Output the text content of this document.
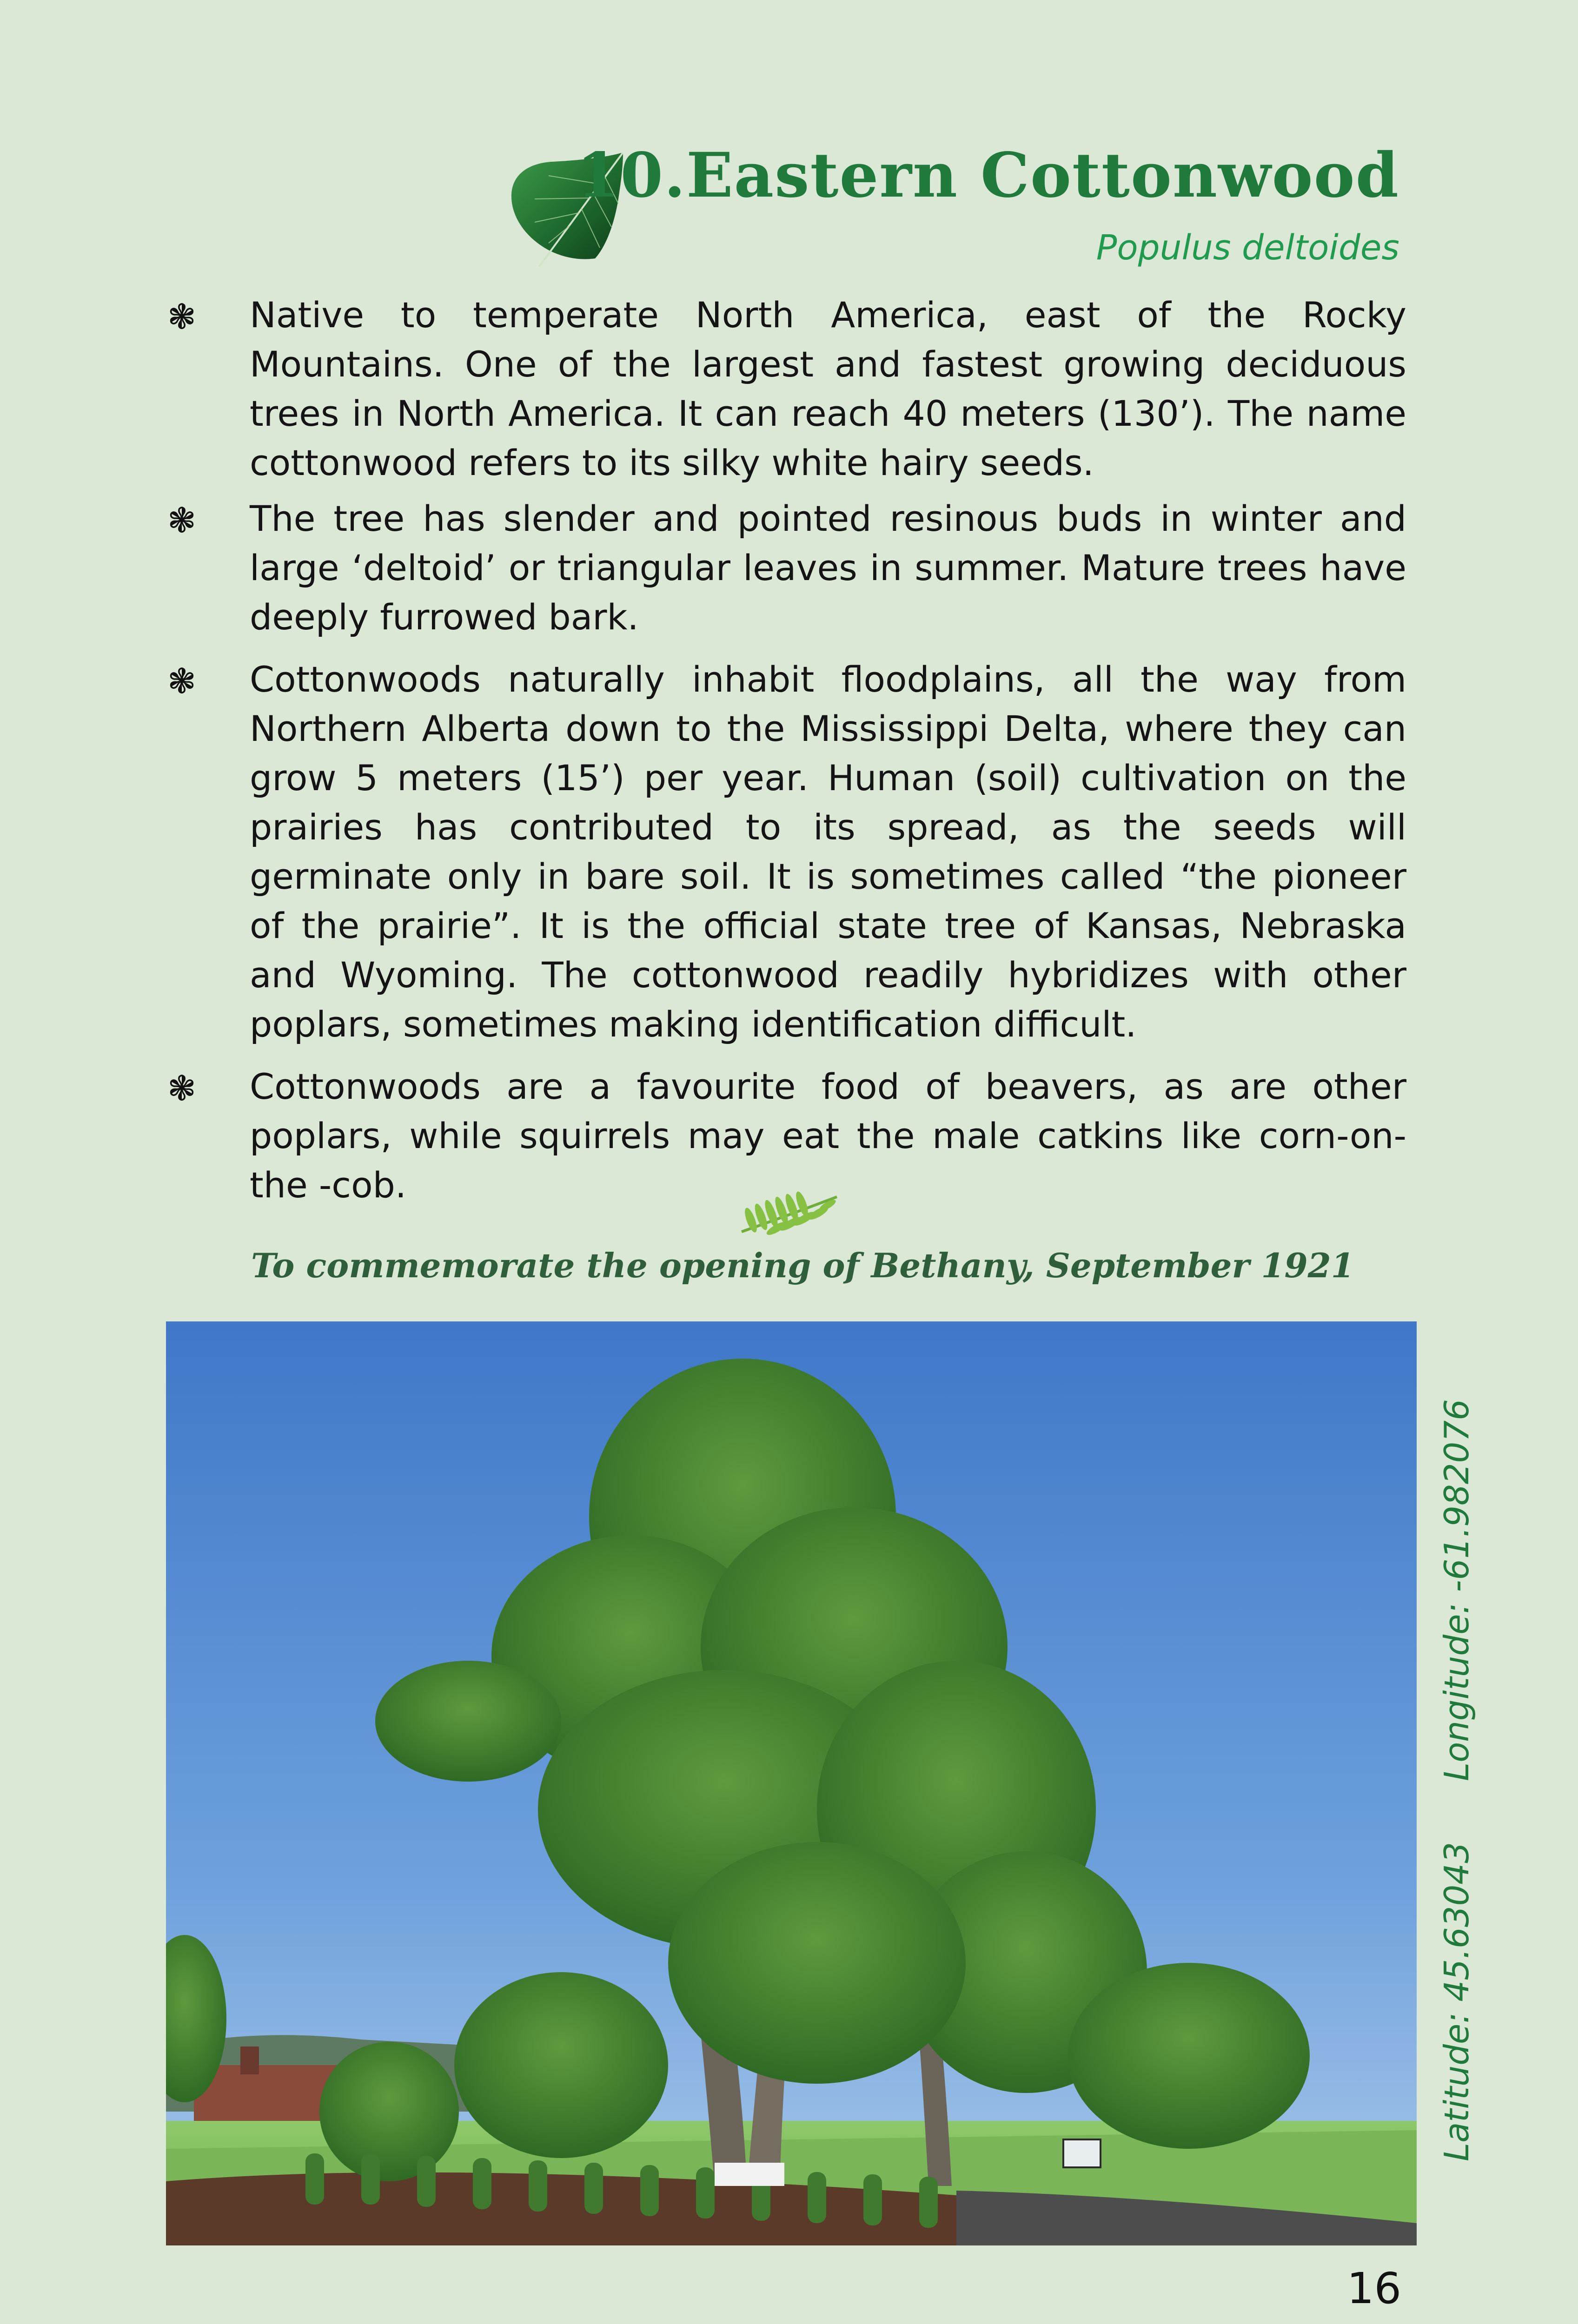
10.Eastern Cottonwood
Populus deltoides
❃ Native to temperate North America, east of the Rocky Mountains. One of the largest and fastest growing deciduous trees in North America. It can reach 40 meters (130’). The name cottonwood refers to its silky white hairy seeds.
❃ The tree has slender and pointed resinous buds in winter and large ‘deltoid’ or triangular leaves in summer. Mature trees have deeply furrowed bark.
❃ Cottonwoods naturally inhabit floodplains, all the way from Northern Alberta down to the Mississippi Delta, where they can grow 5 meters (15’) per year. Human (soil) cultivation on the prairies has contributed to its spread, as the seeds will germinate only in bare soil. It is sometimes called “the pioneer of the prairie”. It is the official state tree of Kansas, Nebraska and Wyoming. The cottonwood readily hybridizes with other poplars, sometimes making identification difficult.
❃ Cottonwoods are a favourite food of beavers, as are other poplars, while squirrels may eat the male catkins like corn-on-the -cob.
To commemorate the opening of Bethany, September 1921
Latitude: 45.63043
Longitude: -61.982076
16
